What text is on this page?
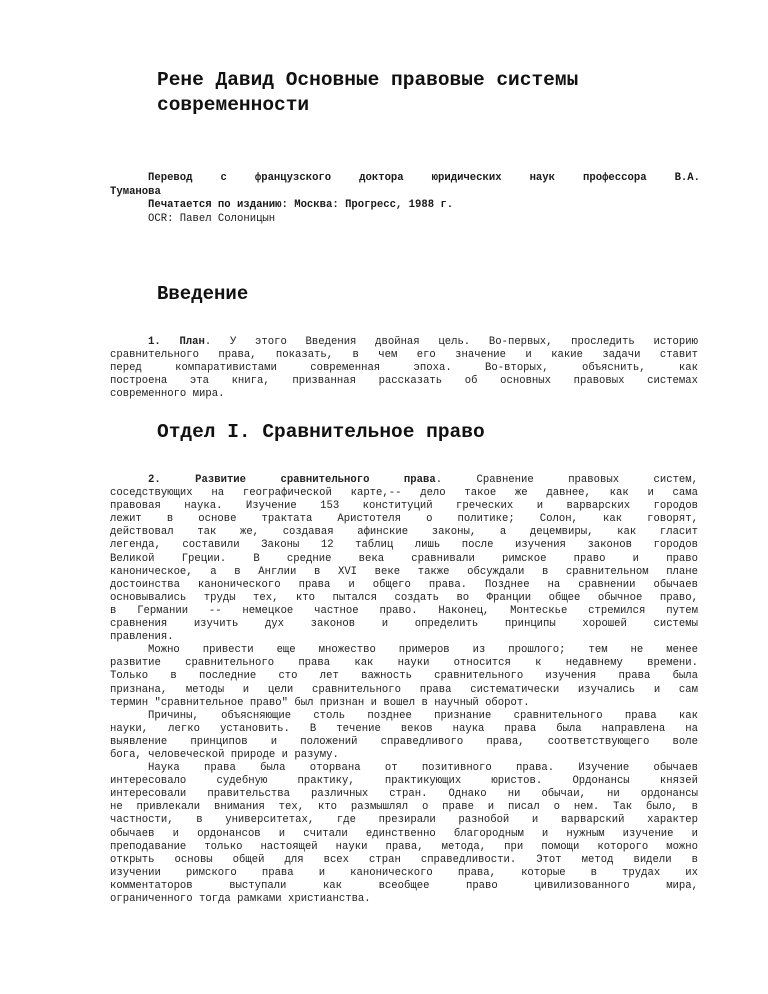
Рене Давид Основные правовые системы
современности
Перевод с французского доктора юридических наук профессора В.А.
Туманова
Печатается по изданию: Москва: Прогресс, 1988 г.
OCR: Павел Солоницын
Введение
1. План. У этого Введения двойная цель. Во-первых, проследить историю
сравнительного права, показать, в чем его значение и какие задачи ставит
перед компаративистами современная эпоха. Во-вторых, объяснить, как
построена эта книга, призванная рассказать об основных правовых системах
современного мира.
Отдел I. Сравнительное право
2. Развитие сравнительного права. Сравнение правовых систем,
соседствующих на географической карте,-- дело такое же давнее, как и сама
правовая наука. Изучение 153 конституций греческих и варварских городов
лежит в основе трактата Аристотеля о политике; Солон, как говорят,
действовал так же, создавая афинские законы, а децемвиры, как гласит
легенда, составили Законы 12 таблиц лишь после изучения законов городов
Великой Греции. В средние века сравнивали римское право и право
каноническое, а в Англии в XVI веке также обсуждали в сравнительном плане
достоинства канонического права и общего права. Позднее на сравнении обычаев
основывались труды тех, кто пытался создать во Франции общее обычное право,
в Германии -- немецкое частное право. Наконец, Монтескье стремился путем
сравнения изучить дух законов и определить принципы хорошей системы
правления.
Можно привести еще множество примеров из прошлого; тем не менее
развитие сравнительного права как науки относится к недавнему времени.
Только в последние сто лет важность сравнительного изучения права была
признана, методы и цели сравнительного права систематически изучались и сам
термин "сравнительное право" был признан и вошел в научный оборот.
Причины, объясняющие столь позднее признание сравнительного права как
науки, легко установить. В течение веков наука права была направлена на
выявление принципов и положений справедливого права, соответствующего воле
бога, человеческой природе и разуму.
Наука права была оторвана от позитивного права. Изучение обычаев
интересовало судебную практику, практикующих юристов. Ордонансы князей
интересовали правительства различных стран. Однако ни обычаи, ни ордонансы
не привлекали внимания тех, кто размышлял о праве и писал о нем. Так было, в
частности, в университетах, где презирали разнобой и варварский характер
обычаев и ордонансов и считали единственно благородным и нужным изучение и
преподавание только настоящей науки права, метода, при помощи которого можно
открыть основы общей для всех стран справедливости. Этот метод видели в
изучении римского права и канонического права, которые в трудах их
комментаторов выступали как всеобщее право цивилизованного мира,
ограниченного тогда рамками христианства.
